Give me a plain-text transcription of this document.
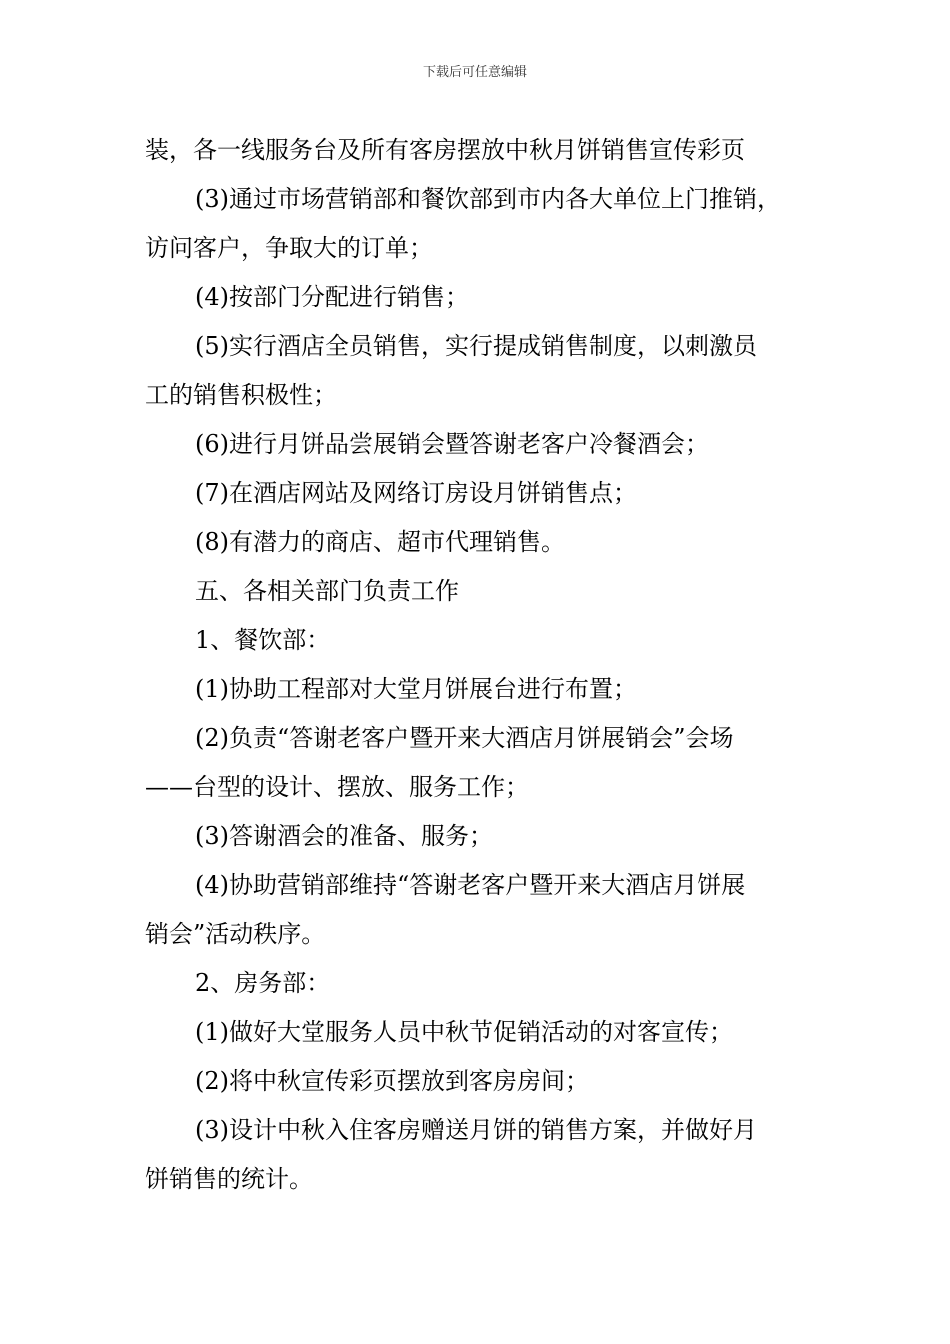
下载后可任意编辑
装，各一线服务台及所有客房摆放中秋月饼销售宣传彩页
(3)通过市场营销部和餐饮部到市内各大单位上门推销，
访问客户，争取大的订单；
(4)按部门分配进行销售；
(5)实行酒店全员销售，实行提成销售制度，以刺激员
工的销售积极性；
(6)进行月饼品尝展销会暨答谢老客户冷餐酒会；
(7)在酒店网站及网络订房设月饼销售点；
(8)有潜力的商店、超市代理销售。
五、各相关部门负责工作
1、餐饮部：
(1)协助工程部对大堂月饼展台进行布置；
(2)负责“答谢老客户暨开来大酒店月饼展销会”会场
——台型的设计、摆放、服务工作；
(3)答谢酒会的准备、服务；
(4)协助营销部维持“答谢老客户暨开来大酒店月饼展
销会”活动秩序。
2、房务部：
(1)做好大堂服务人员中秋节促销活动的对客宣传；
(2)将中秋宣传彩页摆放到客房房间；
(3)设计中秋入住客房赠送月饼的销售方案，并做好月
饼销售的统计。
